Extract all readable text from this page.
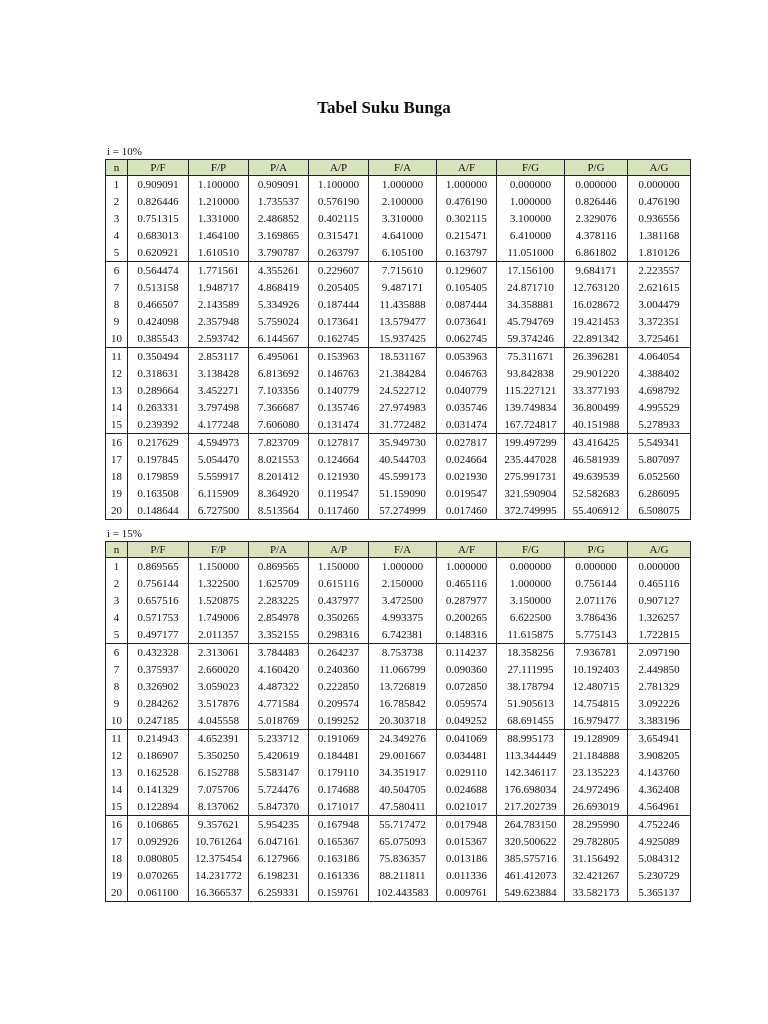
Tabel Suku Bunga
i = 10%
n	P/F	F/P	P/A	A/P	F/A	A/F	F/G	P/G	A/G
1	0.909091	1.100000	0.909091	1.100000	1.000000	1.000000	0.000000	0.000000	0.000000
2	0.826446	1.210000	1.735537	0.576190	2.100000	0.476190	1.000000	0.826446	0.476190
3	0.751315	1.331000	2.486852	0.402115	3.310000	0.302115	3.100000	2.329076	0.936556
4	0.683013	1.464100	3.169865	0.315471	4.641000	0.215471	6.410000	4.378116	1.381168
5	0.620921	1.610510	3.790787	0.263797	6.105100	0.163797	11.051000	6.861802	1.810126
6	0.564474	1.771561	4.355261	0.229607	7.715610	0.129607	17.156100	9.684171	2.223557
7	0.513158	1.948717	4.868419	0.205405	9.487171	0.105405	24.871710	12.763120	2.621615
8	0.466507	2.143589	5.334926	0.187444	11.435888	0.087444	34.358881	16.028672	3.004479
9	0.424098	2.357948	5.759024	0.173641	13.579477	0.073641	45.794769	19.421453	3.372351
10	0.385543	2.593742	6.144567	0.162745	15.937425	0.062745	59.374246	22.891342	3.725461
11	0.350494	2.853117	6.495061	0.153963	18.531167	0.053963	75.311671	26.396281	4.064054
12	0.318631	3.138428	6.813692	0.146763	21.384284	0.046763	93.842838	29.901220	4.388402
13	0.289664	3.452271	7.103356	0.140779	24.522712	0.040779	115.227121	33.377193	4.698792
14	0.263331	3.797498	7.366687	0.135746	27.974983	0.035746	139.749834	36.800499	4.995529
15	0.239392	4.177248	7.606080	0.131474	31.772482	0.031474	167.724817	40.151988	5.278933
16	0.217629	4.594973	7.823709	0.127817	35.949730	0.027817	199.497299	43.416425	5.549341
17	0.197845	5.054470	8.021553	0.124664	40.544703	0.024664	235.447028	46.581939	5.807097
18	0.179859	5.559917	8.201412	0.121930	45.599173	0.021930	275.991731	49.639539	6.052560
19	0.163508	6.115909	8.364920	0.119547	51.159090	0.019547	321.590904	52.582683	6.286095
20	0.148644	6.727500	8.513564	0.117460	57.274999	0.017460	372.749995	55.406912	6.508075
i = 15%
n	P/F	F/P	P/A	A/P	F/A	A/F	F/G	P/G	A/G
1	0.869565	1.150000	0.869565	1.150000	1.000000	1.000000	0.000000	0.000000	0.000000
2	0.756144	1.322500	1.625709	0.615116	2.150000	0.465116	1.000000	0.756144	0.465116
3	0.657516	1.520875	2.283225	0.437977	3.472500	0.287977	3.150000	2.071176	0.907127
4	0.571753	1.749006	2.854978	0.350265	4.993375	0.200265	6.622500	3.786436	1.326257
5	0.497177	2.011357	3.352155	0.298316	6.742381	0.148316	11.615875	5.775143	1.722815
6	0.432328	2.313061	3.784483	0.264237	8.753738	0.114237	18.358256	7.936781	2.097190
7	0.375937	2.660020	4.160420	0.240360	11.066799	0.090360	27.111995	10.192403	2.449850
8	0.326902	3.059023	4.487322	0.222850	13.726819	0.072850	38.178794	12.480715	2.781329
9	0.284262	3.517876	4.771584	0.209574	16.785842	0.059574	51.905613	14.754815	3.092226
10	0.247185	4.045558	5.018769	0.199252	20.303718	0.049252	68.691455	16.979477	3.383196
11	0.214943	4.652391	5.233712	0.191069	24.349276	0.041069	88.995173	19.128909	3.654941
12	0.186907	5.350250	5.420619	0.184481	29.001667	0.034481	113.344449	21.184888	3.908205
13	0.162528	6.152788	5.583147	0.179110	34.351917	0.029110	142.346117	23.135223	4.143760
14	0.141329	7.075706	5.724476	0.174688	40.504705	0.024688	176.698034	24.972496	4.362408
15	0.122894	8.137062	5.847370	0.171017	47.580411	0.021017	217.202739	26.693019	4.564961
16	0.106865	9.357621	5.954235	0.167948	55.717472	0.017948	264.783150	28.295990	4.752246
17	0.092926	10.761264	6.047161	0.165367	65.075093	0.015367	320.500622	29.782805	4.925089
18	0.080805	12.375454	6.127966	0.163186	75.836357	0.013186	385.575716	31.156492	5.084312
19	0.070265	14.231772	6.198231	0.161336	88.211811	0.011336	461.412073	32.421267	5.230729
20	0.061100	16.366537	6.259331	0.159761	102.443583	0.009761	549.623884	33.582173	5.365137
